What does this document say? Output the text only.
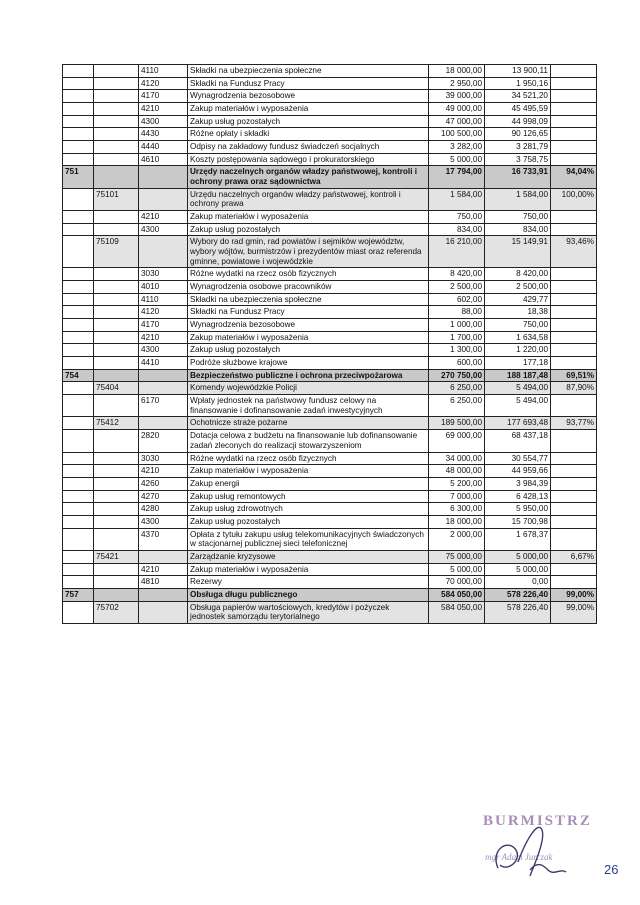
		4110	Składki na ubezpieczenia społeczne	18 000,00	13 900,11	
		4120	Składki na Fundusz Pracy	2 950,00	1 950,16	
		4170	Wynagrodzenia bezosobowe	39 000,00	34 521,20	
		4210	Zakup materiałów i wyposażenia	49 000,00	45 495,59	
		4300	Zakup usług pozostałych	47 000,00	44 998,09	
		4430	Różne opłaty i składki	100 500,00	90 126,65	
		4440	Odpisy na zakładowy fundusz świadczeń socjalnych	3 282,00	3 281,79	
		4610	Koszty postępowania sądowego i prokuratorskiego	5 000,00	3 758,75	
751			Urzędy naczelnych organów władzy państwowej, kontroli i ochrony prawa oraz sądownictwa	17 794,00	16 733,91	94,04%
	75101		Urzędu naczelnych organów władzy państwowej, kontroli i ochrony prawa	1 584,00	1 584,00	100,00%
		4210	Zakup materiałów i wyposażenia	750,00	750,00	
		4300	Zakup usług pozostałych	834,00	834,00	
	75109		Wybory do rad gmin, rad powiatów i sejmików województw, wybory wójtów, burmistrzów i prezydentów miast oraz referenda gminne, powiatowe i wojewódzkie	16 210,00	15 149,91	93,46%
		3030	Różne wydatki na rzecz osób fizycznych	8 420,00	8 420,00	
		4010	Wynagrodzenia osobowe pracowników	2 500,00	2 500,00	
		4110	Składki na ubezpieczenia społeczne	602,00	429,77	
		4120	Składki na Fundusz Pracy	88,00	18,38	
		4170	Wynagrodzenia bezosobowe	1 000,00	750,00	
		4210	Zakup materiałów i wyposażenia	1 700,00	1 634,58	
		4300	Zakup usług pozostałych	1 300,00	1 220,00	
		4410	Podróże służbowe krajowe	600,00	177,18	
754			Bezpieczeństwo publiczne i ochrona przeciwpożarowa	270 750,00	188 187,48	69,51%
	75404		Komendy wojewódzkie Policji	6 250,00	5 494,00	87,90%
		6170	Wpłaty jednostek na państwowy fundusz celowy na finansowanie i dofinansowanie zadań inwestycyjnych	6 250,00	5 494,00	
	75412		Ochotnicze straże pożarne	189 500,00	177 693,48	93,77%
		2820	Dotacja celowa z budżetu na finansowanie lub dofinansowanie zadań zleconych do realizacji stowarzyszeniom	69 000,00	68 437,18	
		3030	Różne wydatki na rzecz osób fizycznych	34 000,00	30 554,77	
		4210	Zakup materiałów i wyposażenia	48 000,00	44 959,66	
		4260	Zakup energii	5 200,00	3 984,39	
		4270	Zakup usług remontowych	7 000,00	6 428,13	
		4280	Zakup usług zdrowotnych	6 300,00	5 950,00	
		4300	Zakup usług pozostałych	18 000,00	15 700,98	
		4370	Opłata z tytułu zakupu usług telekomunikacyjnych świadczonych w stacjonarnej publicznej sieci telefonicznej	2 000,00	1 678,37	
	75421		Zarządzanie kryzysowe	75 000,00	5 000,00	6,67%
		4210	Zakup materiałów i wyposażenia	5 000,00	5 000,00	
		4810	Rezerwy	70 000,00	0,00	
757			Obsługa długu publicznego	584 050,00	578 226,40	99,00%
	75702		Obsługa papierów wartościowych, kredytów i pożyczek jednostek samorządu terytorialnego	584 050,00	578 226,40	99,00%
BURMISTRZ
mgr Adam Jurczak
26
